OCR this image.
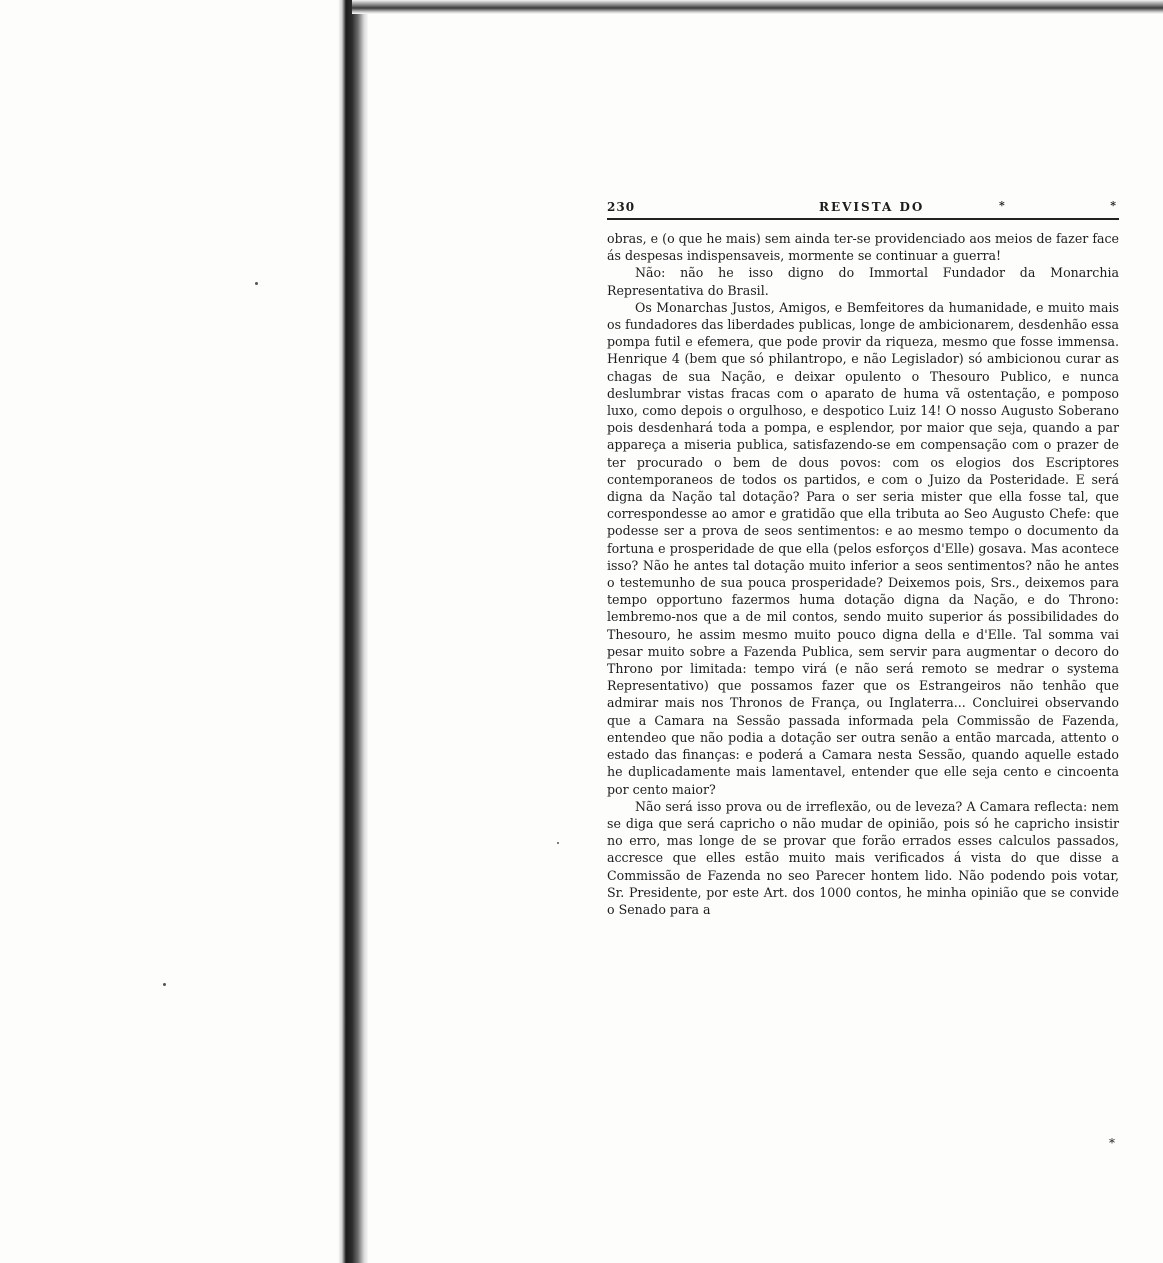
230	REVISTA DO	*	*

obras, e (o que he mais) sem ainda ter-se providenciado aos meios de fazer face ás despesas indispensaveis, mormente se continuar a guerra!

Não: não he isso digno do Immortal Fundador da Monarchia Representativa do Brasil.

Os Monarchas Justos, Amigos, e Bemfeitores da humanidade, e muito mais os fundadores das liberdades publicas, longe de ambicionarem, desdenhão essa pompa futil e efemera, que pode provir da riqueza, mesmo que fosse immensa. Henrique 4 (bem que só philantropo, e não Legislador) só ambicionou curar as chagas de sua Nação, e deixar opulento o Thesouro Publico, e nunca deslumbrar vistas fracas com o aparato de huma vã ostentação, e pomposo luxo, como depois o orgulhoso, e despotico Luiz 14! O nosso Augusto Soberano pois desdenhará toda a pompa, e esplendor, por maior que seja, quando a par appareça a miseria publica, satisfazendo-se em compensação com o prazer de ter procurado o bem de dous povos: com os elogios dos Escriptores contemporaneos de todos os partidos, e com o Juizo da Posteridade. E será digna da Nação tal dotação? Para o ser seria mister que ella fosse tal, que correspondesse ao amor e gratidão que ella tributa ao Seo Augusto Chefe: que podesse ser a prova de seos sentimentos: e ao mesmo tempo o documento da fortuna e prosperidade de que ella (pelos esforços d'Elle) gosava. Mas acontece isso? Não he antes tal dotação muito inferior a seos sentimentos? não he antes o testemunho de sua pouca prosperidade? Deixemos pois, Srs., deixemos para tempo opportuno fazermos huma dotação digna da Nação, e do Throno: lembremo-nos que a de mil contos, sendo muito superior ás possibilidades do Thesouro, he assim mesmo muito pouco digna della e d'Elle. Tal somma vai pesar muito sobre a Fazenda Publica, sem servir para augmentar o decoro do Throno por limitada: tempo virá (e não será remoto se medrar o systema Representativo) que possamos fazer que os Estrangeiros não tenhão que admirar mais nos Thronos de França, ou Inglaterra... Concluirei observando que a Camara na Sessão passada informada pela Commissão de Fazenda, entendeo que não podia a dotação ser outra senão a então marcada, attento o estado das finanças: e poderá a Camara nesta Sessão, quando aquelle estado he duplicadamente mais lamentavel, entender que elle seja cento e cincoenta por cento maior?

Não será isso prova ou de irreflexão, ou de leveza? A Camara reflecta: nem se diga que será capricho o não mudar de opinião, pois só he capricho insistir no erro, mas longe de se provar que forão errados esses calculos passados, accresce que elles estão muito mais verificados á vista do que disse a Commissão de Fazenda no seo Parecer hontem lido. Não podendo pois votar, Sr. Presidente, por este Art. dos 1000 contos, he minha opinião que se convide o Senado para a

*
